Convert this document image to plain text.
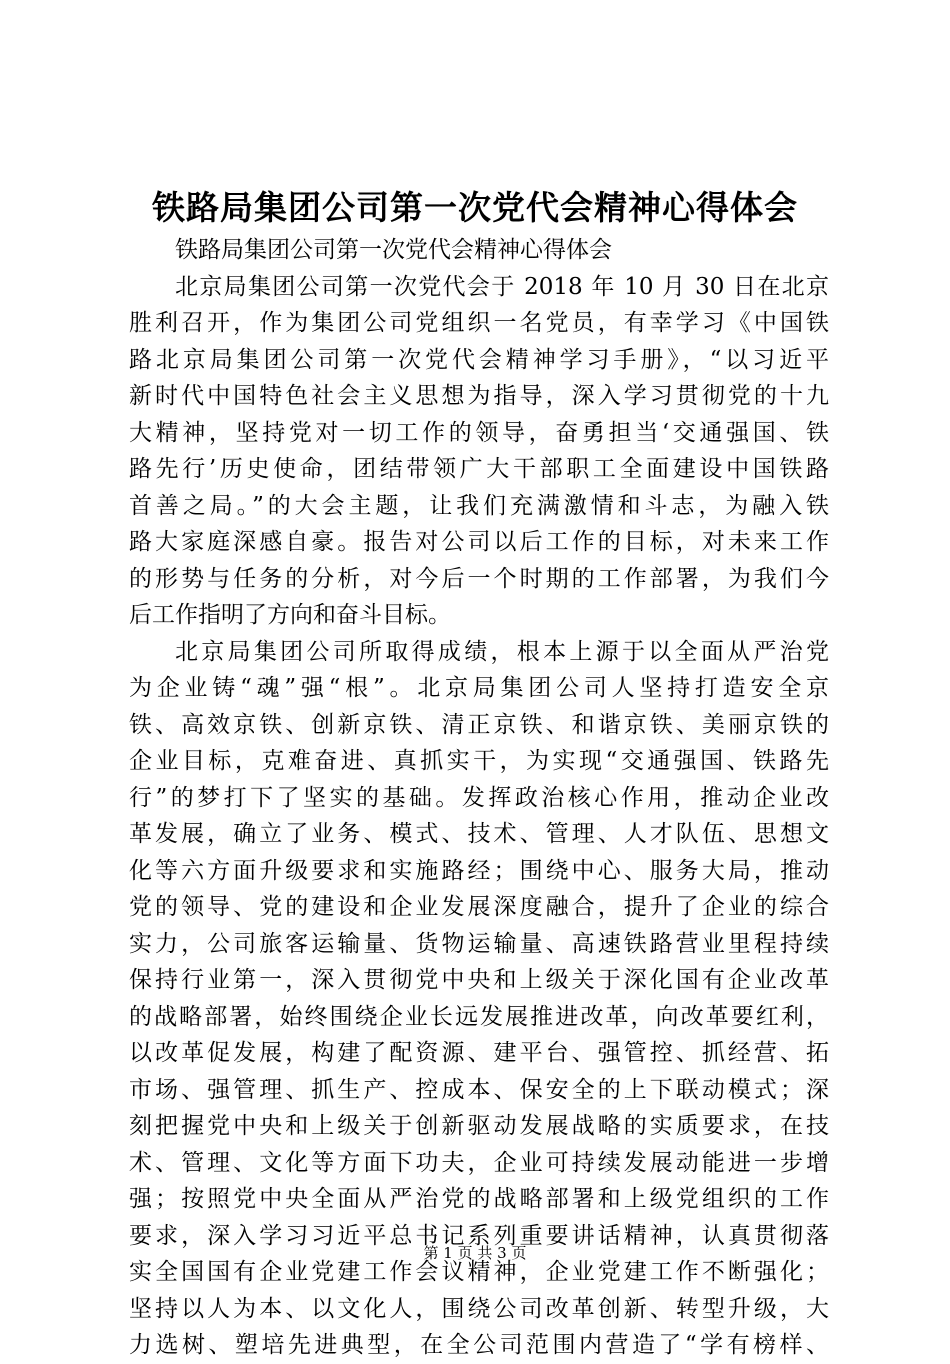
铁路局集团公司第一次党代会精神心得体会
铁路局集团公司第一次党代会精神心得体会
北京局集团公司第一次党代会于 2018 年 10 月 30 日在北京
胜利召开，作为集团公司党组织一名党员，有幸学习《中国铁
路北京局集团公司第一次党代会精神学习手册》，“以习近平
新时代中国特色社会主义思想为指导，深入学习贯彻党的十九
大精神，坚持党对一切工作的领导，奋勇担当‘交通强国、铁
路先行’历史使命，团结带领广大干部职工全面建设中国铁路
首善之局。”的大会主题，让我们充满激情和斗志，为融入铁
路大家庭深感自豪。报告对公司以后工作的目标，对未来工作
的形势与任务的分析，对今后一个时期的工作部署，为我们今
后工作指明了方向和奋斗目标。
北京局集团公司所取得成绩，根本上源于以全面从严治党
为企业铸“魂”强“根”。北京局集团公司人坚持打造安全京
铁、高效京铁、创新京铁、清正京铁、和谐京铁、美丽京铁的
企业目标，克难奋进、真抓实干，为实现“交通强国、铁路先
行”的梦打下了坚实的基础。发挥政治核心作用，推动企业改
革发展，确立了业务、模式、技术、管理、人才队伍、思想文
化等六方面升级要求和实施路经；围绕中心、服务大局，推动
党的领导、党的建设和企业发展深度融合，提升了企业的综合
实力，公司旅客运输量、货物运输量、高速铁路营业里程持续
保持行业第一，深入贯彻党中央和上级关于深化国有企业改革
的战略部署，始终围绕企业长远发展推进改革，向改革要红利，
以改革促发展，构建了配资源、建平台、强管控、抓经营、拓
市场、强管理、抓生产、控成本、保安全的上下联动模式；深
刻把握党中央和上级关于创新驱动发展战略的实质要求，在技
术、管理、文化等方面下功夫，企业可持续发展动能进一步增
强；按照党中央全面从严治党的战略部署和上级党组织的工作
要求，深入学习习近平总书记系列重要讲话精神，认真贯彻落
实全国国有企业党建工作会议精神，企业党建工作不断强化；
坚持以人为本、以文化人，围绕公司改革创新、转型升级，大
力选树、塑培先进典型，在全公司范围内营造了“学有榜样、
第 1 页 共 3 页
